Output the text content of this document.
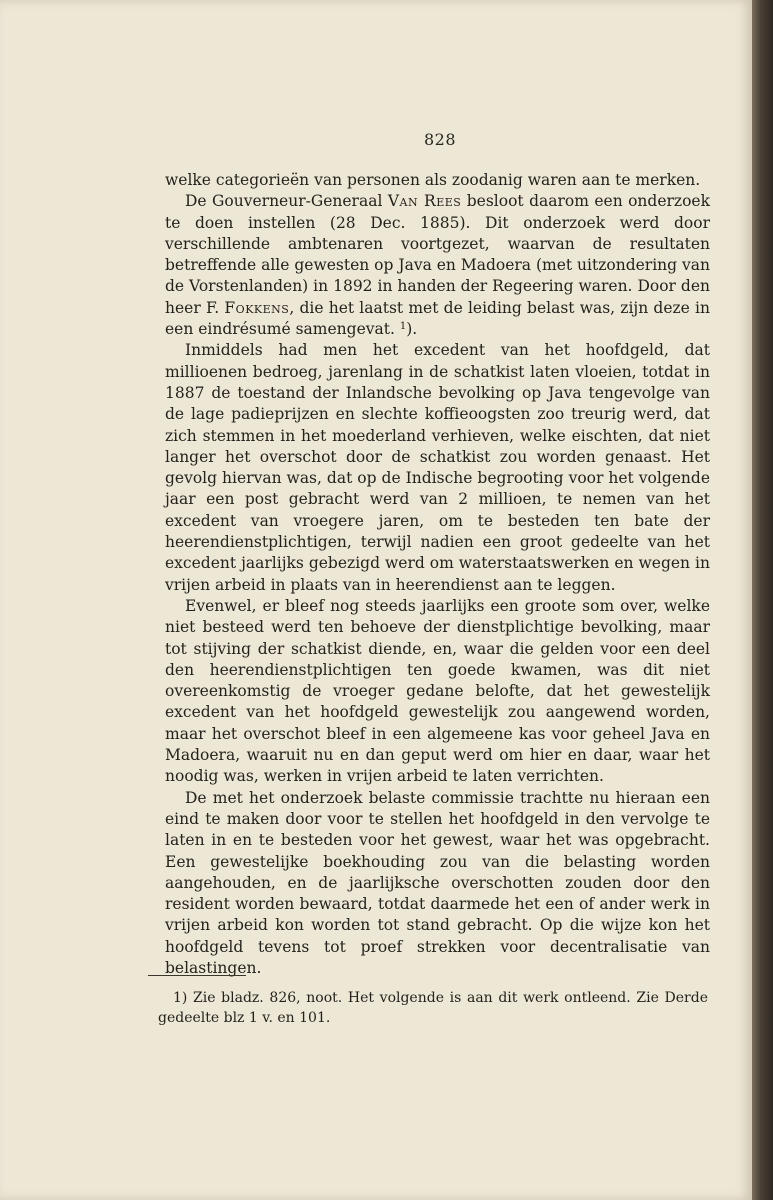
828

welke categorieën van personen als zoodanig waren aan te merken.

De Gouverneur-Generaal Van Rees besloot daarom een onderzoek te doen instellen (28 Dec. 1885). Dit onderzoek werd door verschillende ambtenaren voortgezet, waarvan de resultaten betreffende alle gewesten op Java en Madoera (met uitzondering van de Vorstenlanden) in 1892 in handen der Regeering waren. Door den heer F. Fokkens, die het laatst met de leiding belast was, zijn deze in een eindrésumé samengevat. $^1$).

Inmiddels had men het excedent van het hoofdgeld, dat millioenen bedroeg, jarenlang in de schatkist laten vloeien, totdat in 1887 de toestand der Inlandsche bevolking op Java tengevolge van de lage padieprijzen en slechte koffieoogsten zoo treurig werd, dat zich stemmen in het moederland verhieven, welke eischten, dat niet langer het overschot door de schatkist zou worden genaast. Het gevolg hiervan was, dat op de Indische begrooting voor het volgende jaar een post gebracht werd van 2 millioen, te nemen van het excedent van vroegere jaren, om te besteden ten bate der heerendienstplichtigen, terwijl nadien een groot gedeelte van het excedent jaarlijks gebezigd werd om waterstaatswerken en wegen in vrijen arbeid in plaats van in heerendienst aan te leggen.

Evenwel, er bleef nog steeds jaarlijks een groote som over, welke niet besteed werd ten behoeve der dienstplichtige bevolking, maar tot stijving der schatkist diende, en, waar die gelden voor een deel den heerendienstplichtigen ten goede kwamen, was dit niet overeenkomstig de vroeger gedane belofte, dat het gewestelijk excedent van het hoofdgeld gewestelijk zou aangewend worden, maar het overschot bleef in een algemeene kas voor geheel Java en Madoera, waaruit nu en dan geput werd om hier en daar, waar het noodig was, werken in vrijen arbeid te laten verrichten.

De met het onderzoek belaste commissie trachtte nu hieraan een eind te maken door voor te stellen het hoofdgeld in den vervolge te laten in en te besteden voor het gewest, waar het was opgebracht. Een gewestelijke boekhouding zou van die belasting worden aangehouden, en de jaarlijksche overschotten zouden door den resident worden bewaard, totdat daarmede het een of ander werk in vrijen arbeid kon worden tot stand gebracht. Op die wijze kon het hoofdgeld tevens tot proef strekken voor decentralisatie van belastingen.

1) Zie bladz. 826, noot. Het volgende is aan dit werk ontleend. Zie Derde gedeelte blz 1 v. en 101.
